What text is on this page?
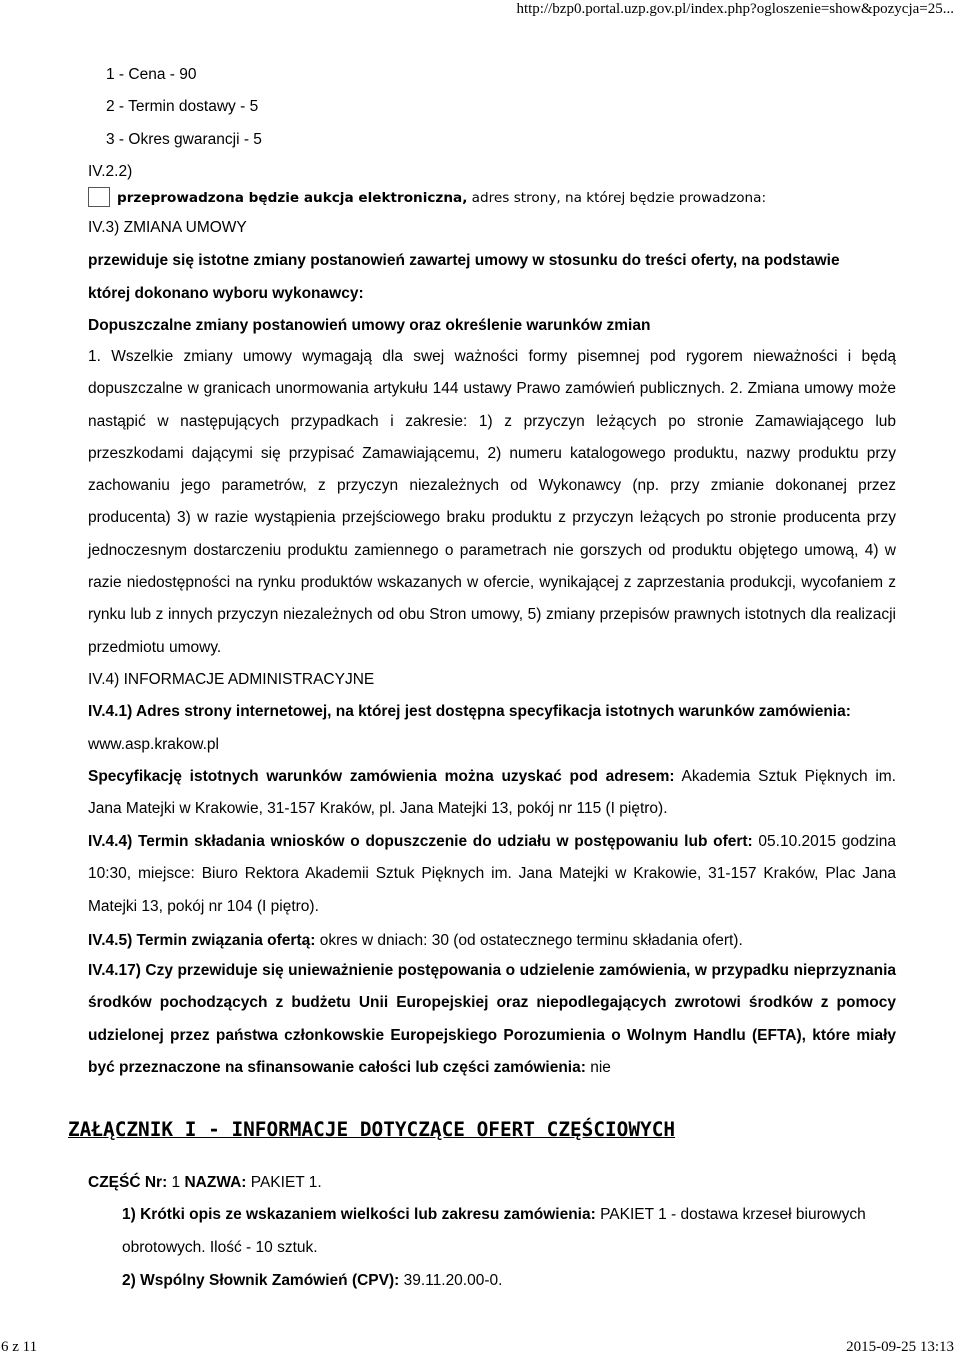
http://bzp0.portal.uzp.gov.pl/index.php?ogloszenie=show&pozycja=25...
1 - Cena - 90
2 - Termin dostawy - 5
3 - Okres gwarancji - 5
IV.2.2)
przeprowadzona będzie aukcja elektroniczna, adres strony, na której będzie prowadzona:
IV.3) ZMIANA UMOWY
przewiduje się istotne zmiany postanowień zawartej umowy w stosunku do treści oferty, na podstawie
której dokonano wyboru wykonawcy:
Dopuszczalne zmiany postanowień umowy oraz określenie warunków zmian
1. Wszelkie zmiany umowy wymagają dla swej ważności formy pisemnej pod rygorem nieważności i będą dopuszczalne w granicach unormowania artykułu 144 ustawy Prawo zamówień publicznych. 2. Zmiana umowy może nastąpić w następujących przypadkach i zakresie: 1) z przyczyn leżących po stronie Zamawiającego lub przeszkodami dającymi się przypisać Zamawiającemu, 2) numeru katalogowego produktu, nazwy produktu przy zachowaniu jego parametrów, z przyczyn niezależnych od Wykonawcy (np. przy zmianie dokonanej przez producenta) 3) w razie wystąpienia przejściowego braku produktu z przyczyn leżących po stronie producenta przy jednoczesnym dostarczeniu produktu zamiennego o parametrach nie gorszych od produktu objętego umową, 4) w razie niedostępności na rynku produktów wskazanych w ofercie, wynikającej z zaprzestania produkcji, wycofaniem z rynku lub z innych przyczyn niezależnych od obu Stron umowy, 5) zmiany przepisów prawnych istotnych dla realizacji przedmiotu umowy.
IV.4) INFORMACJE ADMINISTRACYJNE
IV.4.1) Adres strony internetowej, na której jest dostępna specyfikacja istotnych warunków zamówienia:
www.asp.krakow.pl
Specyfikację istotnych warunków zamówienia można uzyskać pod adresem: Akademia Sztuk Pięknych im. Jana Matejki w Krakowie, 31-157 Kraków, pl. Jana Matejki 13, pokój nr 115 (I piętro).
IV.4.4) Termin składania wniosków o dopuszczenie do udziału w postępowaniu lub ofert: 05.10.2015 godzina 10:30, miejsce: Biuro Rektora Akademii Sztuk Pięknych im. Jana Matejki w Krakowie, 31-157 Kraków, Plac Jana Matejki 13, pokój nr 104 (I piętro).
IV.4.5) Termin związania ofertą: okres w dniach: 30 (od ostatecznego terminu składania ofert).
IV.4.17) Czy przewiduje się unieważnienie postępowania o udzielenie zamówienia, w przypadku nieprzyznania środków pochodzących z budżetu Unii Europejskiej oraz niepodlegających zwrotowi środków z pomocy udzielonej przez państwa członkowskie Europejskiego Porozumienia o Wolnym Handlu (EFTA), które miały być przeznaczone na sfinansowanie całości lub części zamówienia: nie
ZAŁĄCZNIK I - INFORMACJE DOTYCZĄCE OFERT CZĘŚCIOWYCH
CZĘŚĆ Nr: 1 NAZWA: PAKIET 1.
1) Krótki opis ze wskazaniem wielkości lub zakresu zamówienia: PAKIET 1 - dostawa krzeseł biurowych obrotowych. Ilość - 10 sztuk.
2) Wspólny Słownik Zamówień (CPV): 39.11.20.00-0.
6 z 11	2015-09-25 13:13
